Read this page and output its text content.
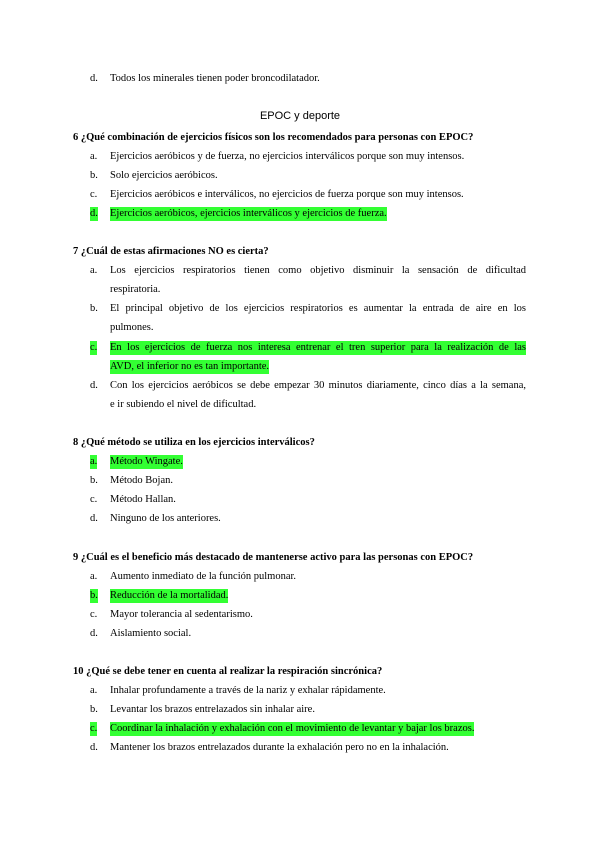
d. Todos los minerales tienen poder broncodilatador.
EPOC y deporte
6 ¿Qué combinación de ejercicios físicos son los recomendados para personas con EPOC?
a. Ejercicios aeróbicos y de fuerza, no ejercicios interválicos porque son muy intensos.
b. Solo ejercicios aeróbicos.
c. Ejercicios aeróbicos e interválicos, no ejercicios de fuerza porque son muy intensos.
d. Ejercicios aeróbicos, ejercicios interválicos y ejercicios de fuerza.
7 ¿Cuál de estas afirmaciones NO es cierta?
a. Los ejercicios respiratorios tienen como objetivo disminuir la sensación de dificultad
respiratoria.
b. El principal objetivo de los ejercicios respiratorios es aumentar la entrada de aire en los
pulmones.
c. En los ejercicios de fuerza nos interesa entrenar el tren superior para la realización de las
AVD, el inferior no es tan importante.
d. Con los ejercicios aeróbicos se debe empezar 30 minutos diariamente, cinco días a la semana,
e ir subiendo el nivel de dificultad.
8 ¿Qué método se utiliza en los ejercicios interválicos?
a. Método Wingate.
b. Método Bojan.
c. Método Hallan.
d. Ninguno de los anteriores.
9 ¿Cuál es el beneficio más destacado de mantenerse activo para las personas con EPOC?
a. Aumento inmediato de la función pulmonar.
b. Reducción de la mortalidad.
c. Mayor tolerancia al sedentarismo.
d. Aislamiento social.
10 ¿Qué se debe tener en cuenta al realizar la respiración sincrónica?
a. Inhalar profundamente a través de la nariz y exhalar rápidamente.
b. Levantar los brazos entrelazados sin inhalar aire.
c. Coordinar la inhalación y exhalación con el movimiento de levantar y bajar los brazos.
d. Mantener los brazos entrelazados durante la exhalación pero no en la inhalación.
